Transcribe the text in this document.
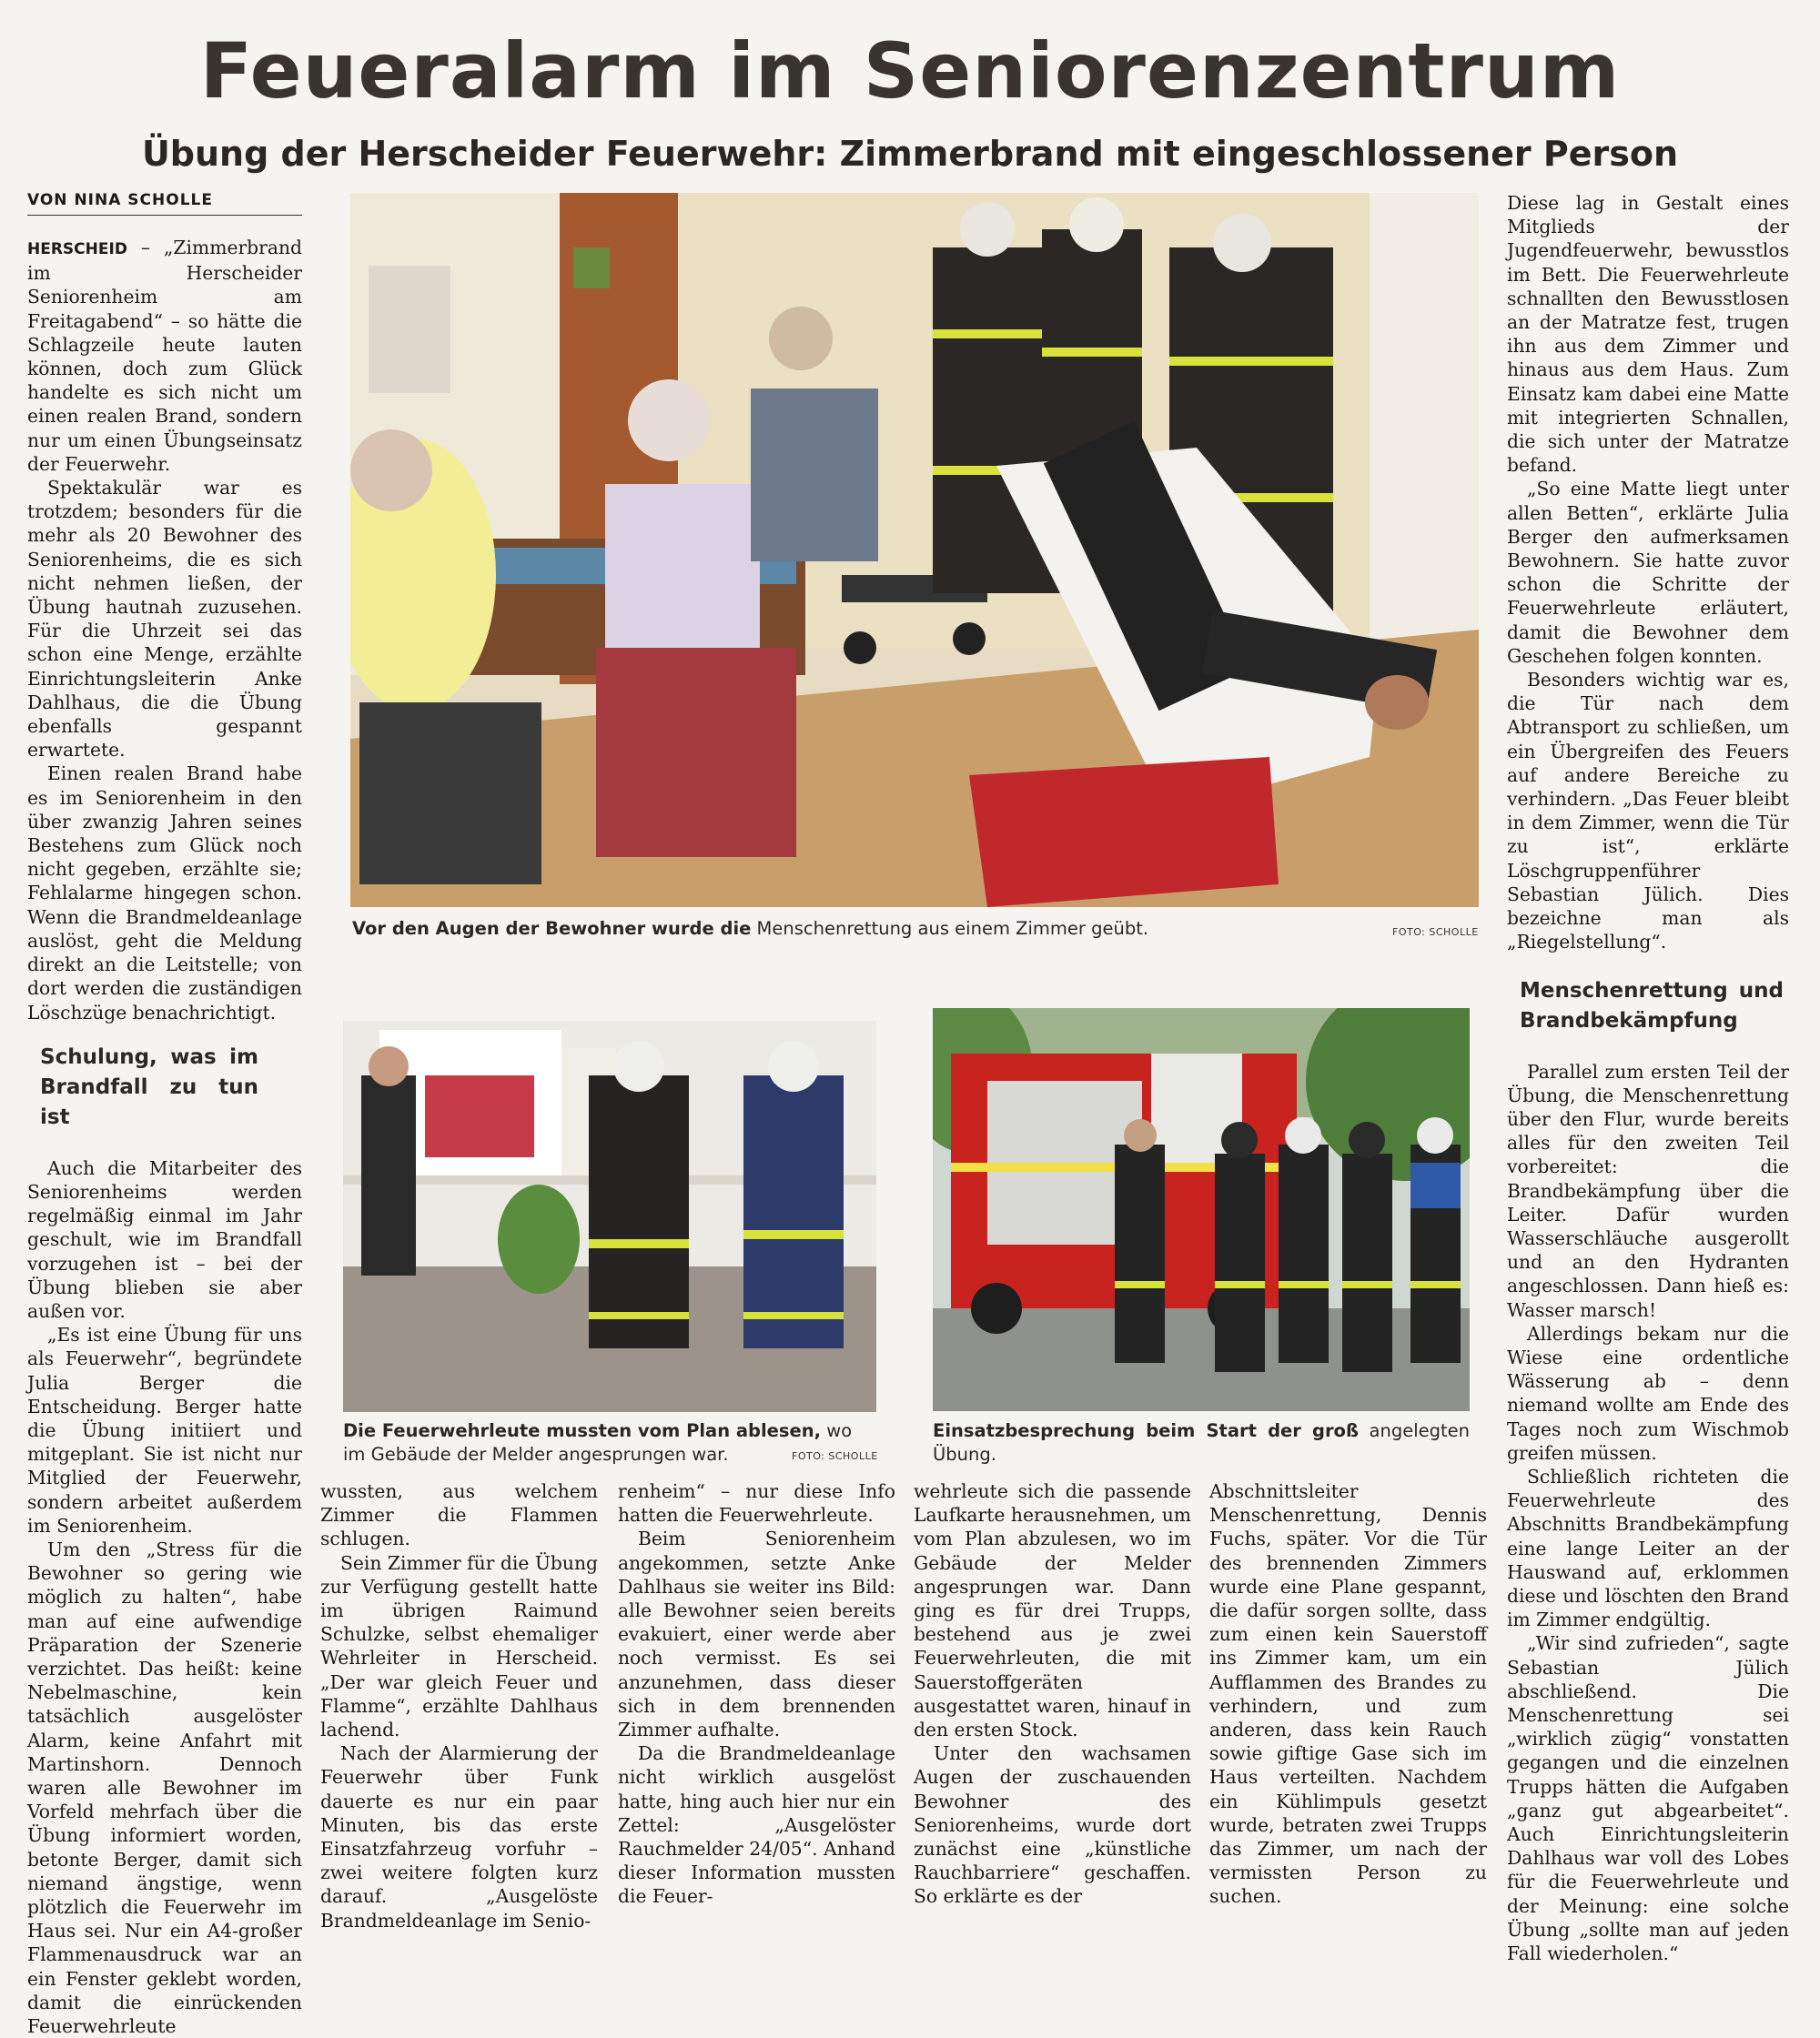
Feueralarm im Seniorenzentrum
Übung der Herscheider Feuerwehr: Zimmerbrand mit eingeschlossener Person
VON NINA SCHOLLE

HERSCHEID – „Zimmerbrand im Herscheider Seniorenheim am Freitagabend“ – so hätte die Schlagzeile heute lauten können, doch zum Glück handelte es sich nicht um einen realen Brand, sondern nur um einen Übungseinsatz der Feuerwehr.

Spektakulär war es trotzdem; besonders für die mehr als 20 Bewohner des Seniorenheims, die es sich nicht nehmen ließen, der Übung hautnah zuzusehen. Für die Uhrzeit sei das schon eine Menge, erzählte Einrichtungsleiterin Anke Dahlhaus, die die Übung ebenfalls gespannt erwartete.

Einen realen Brand habe es im Seniorenheim in den über zwanzig Jahren seines Bestehens zum Glück noch nicht gegeben, erzählte sie; Fehlalarme hingegen schon. Wenn die Brandmeldeanlage auslöst, geht die Meldung direkt an die Leitstelle; von dort werden die zuständigen Löschzüge benachrichtigt.

Schulung, was im Brandfall zu tun ist

Auch die Mitarbeiter des Seniorenheims werden regelmäßig einmal im Jahr geschult, wie im Brandfall vorzugehen ist – bei der Übung blieben sie aber außen vor.

„Es ist eine Übung für uns als Feuerwehr“, begründete Julia Berger die Entscheidung. Berger hatte die Übung initiiert und mitgeplant. Sie ist nicht nur Mitglied der Feuerwehr, sondern arbeitet außerdem im Seniorenheim.

Um den „Stress für die Bewohner so gering wie möglich zu halten“, habe man auf eine aufwendige Präparation der Szenerie verzichtet. Das heißt: keine Nebelmaschine, kein tatsächlich ausgelöster Alarm, keine Anfahrt mit Martinshorn. Dennoch waren alle Bewohner im Vorfeld mehrfach über die Übung informiert worden, betonte Berger, damit sich niemand ängstige, wenn plötzlich die Feuerwehr im Haus sei. Nur ein A4-großer Flammenausdruck war an ein Fenster geklebt worden, damit die einrückenden Feuerwehrleute

Vor den Augen der Bewohner wurde die Menschenrettung aus einem Zimmer geübt.	FOTO: SCHOLLE
Die Feuerwehrleute mussten vom Plan ablesen, wo im Gebäude der Melder angesprungen war.	FOTO: SCHOLLE
Einsatzbesprechung beim Start der groß angelegten Übung.

wussten, aus welchem Zimmer die Flammen schlugen.

Sein Zimmer für die Übung zur Verfügung gestellt hatte im übrigen Raimund Schulzke, selbst ehemaliger Wehrleiter in Herscheid. „Der war gleich Feuer und Flamme“, erzählte Dahlhaus lachend.

Nach der Alarmierung der Feuerwehr über Funk dauerte es nur ein paar Minuten, bis das erste Einsatzfahrzeug vorfuhr – zwei weitere folgten kurz darauf. „Ausgelöste Brandmeldeanlage im Senio-

renheim“ – nur diese Info hatten die Feuerwehrleute.

Beim Seniorenheim angekommen, setzte Anke Dahlhaus sie weiter ins Bild: alle Bewohner seien bereits evakuiert, einer werde aber noch vermisst. Es sei anzunehmen, dass dieser sich in dem brennenden Zimmer aufhalte.

Da die Brandmeldeanlage nicht wirklich ausgelöst hatte, hing auch hier nur ein Zettel: „Ausgelöster Rauchmelder 24/05“. Anhand dieser Information mussten die Feuer-

wehrleute sich die passende Laufkarte herausnehmen, um vom Plan abzulesen, wo im Gebäude der Melder angesprungen war. Dann ging es für drei Trupps, bestehend aus je zwei Feuerwehrleuten, die mit Sauerstoffgeräten ausgestattet waren, hinauf in den ersten Stock.

Unter den wachsamen Augen der zuschauenden Bewohner des Seniorenheims, wurde dort zunächst eine „künstliche Rauchbarriere“ geschaffen. So erklärte es der

Abschnittsleiter Menschenrettung, Dennis Fuchs, später. Vor die Tür des brennenden Zimmers wurde eine Plane gespannt, die dafür sorgen sollte, dass zum einen kein Sauerstoff ins Zimmer kam, um ein Aufflammen des Brandes zu verhindern, und zum anderen, dass kein Rauch sowie giftige Gase sich im Haus verteilten. Nachdem ein Kühlimpuls gesetzt wurde, betraten zwei Trupps das Zimmer, um nach der vermissten Person zu suchen.

Diese lag in Gestalt eines Mitglieds der Jugendfeuerwehr, bewusstlos im Bett. Die Feuerwehrleute schnallten den Bewusstlosen an der Matratze fest, trugen ihn aus dem Zimmer und hinaus aus dem Haus. Zum Einsatz kam dabei eine Matte mit integrierten Schnallen, die sich unter der Matratze befand.

„So eine Matte liegt unter allen Betten“, erklärte Julia Berger den aufmerksamen Bewohnern. Sie hatte zuvor schon die Schritte der Feuerwehrleute erläutert, damit die Bewohner dem Geschehen folgen konnten.

Besonders wichtig war es, die Tür nach dem Abtransport zu schließen, um ein Übergreifen des Feuers auf andere Bereiche zu verhindern. „Das Feuer bleibt in dem Zimmer, wenn die Tür zu ist“, erklärte Löschgruppenführer Sebastian Jülich. Dies bezeichne man als „Riegelstellung“.

Menschenrettung und Brandbekämpfung

Parallel zum ersten Teil der Übung, die Menschenrettung über den Flur, wurde bereits alles für den zweiten Teil vorbereitet: die Brandbekämpfung über die Leiter. Dafür wurden Wasserschläuche ausgerollt und an den Hydranten angeschlossen. Dann hieß es: Wasser marsch!

Allerdings bekam nur die Wiese eine ordentliche Wässerung ab – denn niemand wollte am Ende des Tages noch zum Wischmob greifen müssen.

Schließlich richteten die Feuerwehrleute des Abschnitts Brandbekämpfung eine lange Leiter an der Hauswand auf, erklommen diese und löschten den Brand im Zimmer endgültig.

„Wir sind zufrieden“, sagte Sebastian Jülich abschließend. Die Menschenrettung sei „wirklich zügig“ vonstatten gegangen und die einzelnen Trupps hätten die Aufgaben „ganz gut abgearbeitet“. Auch Einrichtungsleiterin Dahlhaus war voll des Lobes für die Feuerwehrleute und der Meinung: eine solche Übung „sollte man auf jeden Fall wiederholen.“
